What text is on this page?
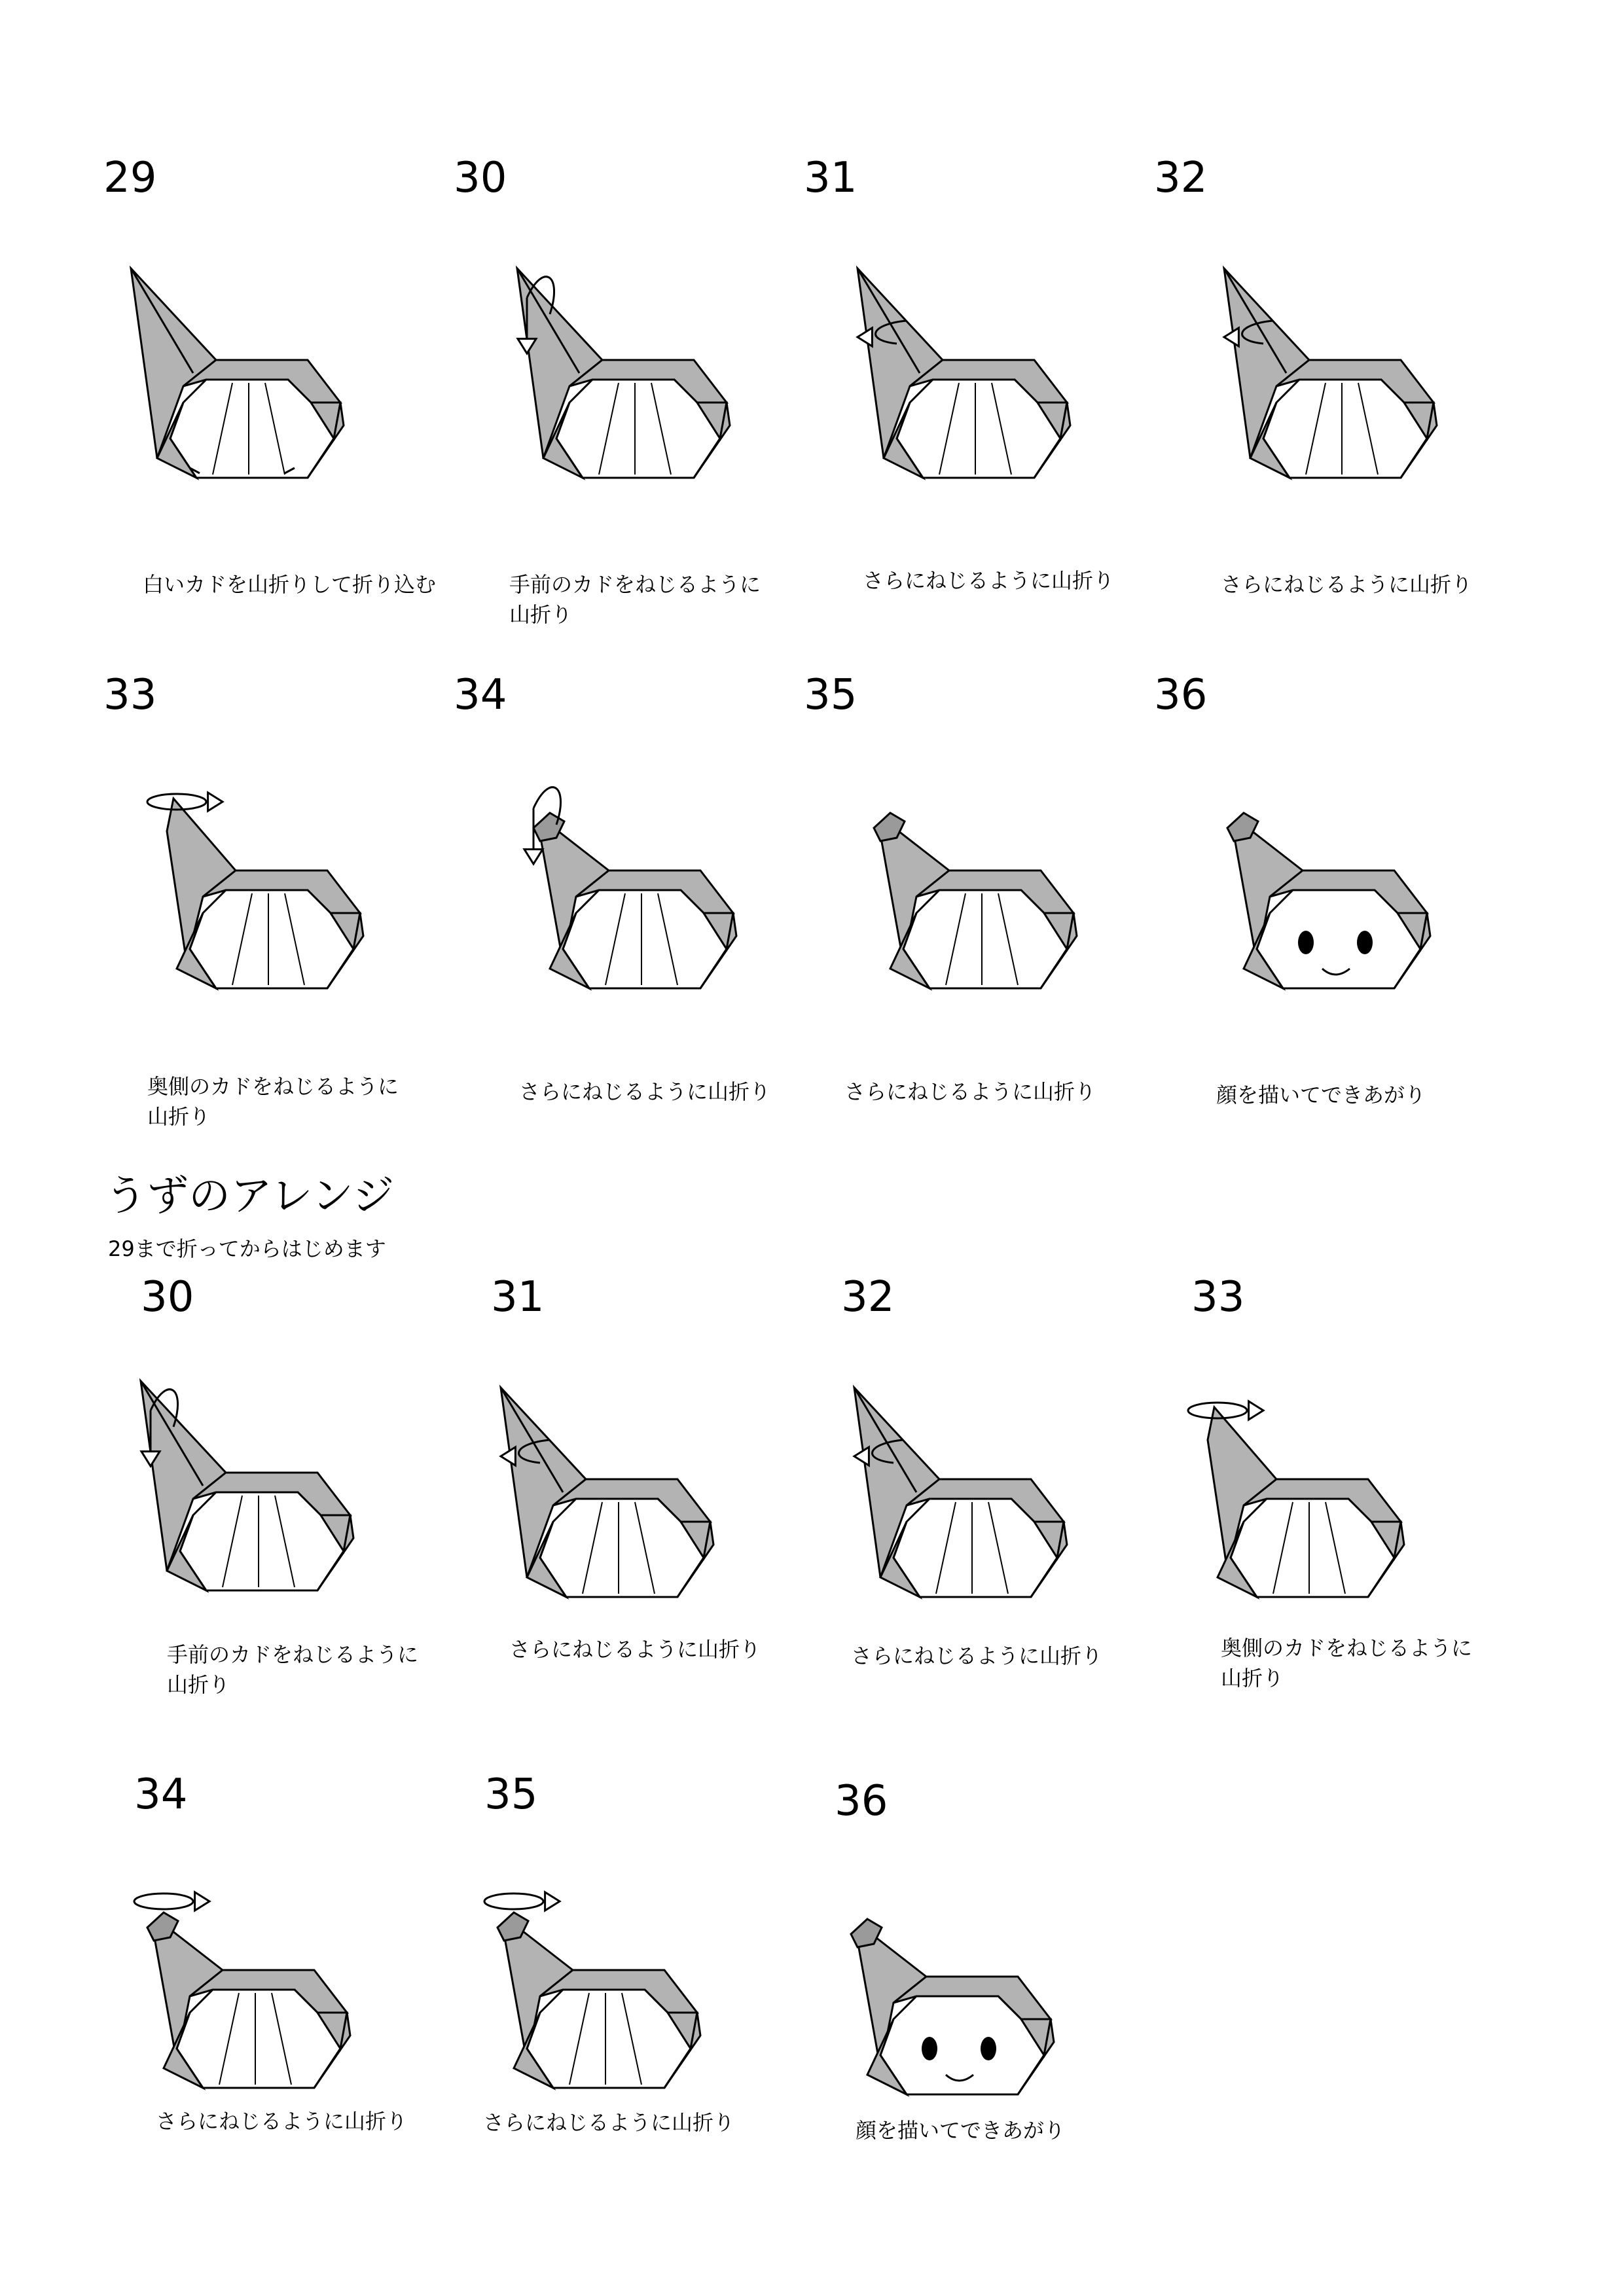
29
白いカドを山折りして折り込む
30
手前のカドをねじるように
山折り
31
さらにねじるように山折り
32
さらにねじるように山折り
33
奥側のカドをねじるように
山折り
34
さらにねじるように山折り
35
さらにねじるように山折り
36
顔を描いてできあがり
うずのアレンジ
29まで折ってからはじめます
30
手前のカドをねじるように
山折り
31
さらにねじるように山折り
32
さらにねじるように山折り
33
奥側のカドをねじるように
山折り
34
さらにねじるように山折り
35
さらにねじるように山折り
36
顔を描いてできあがり
